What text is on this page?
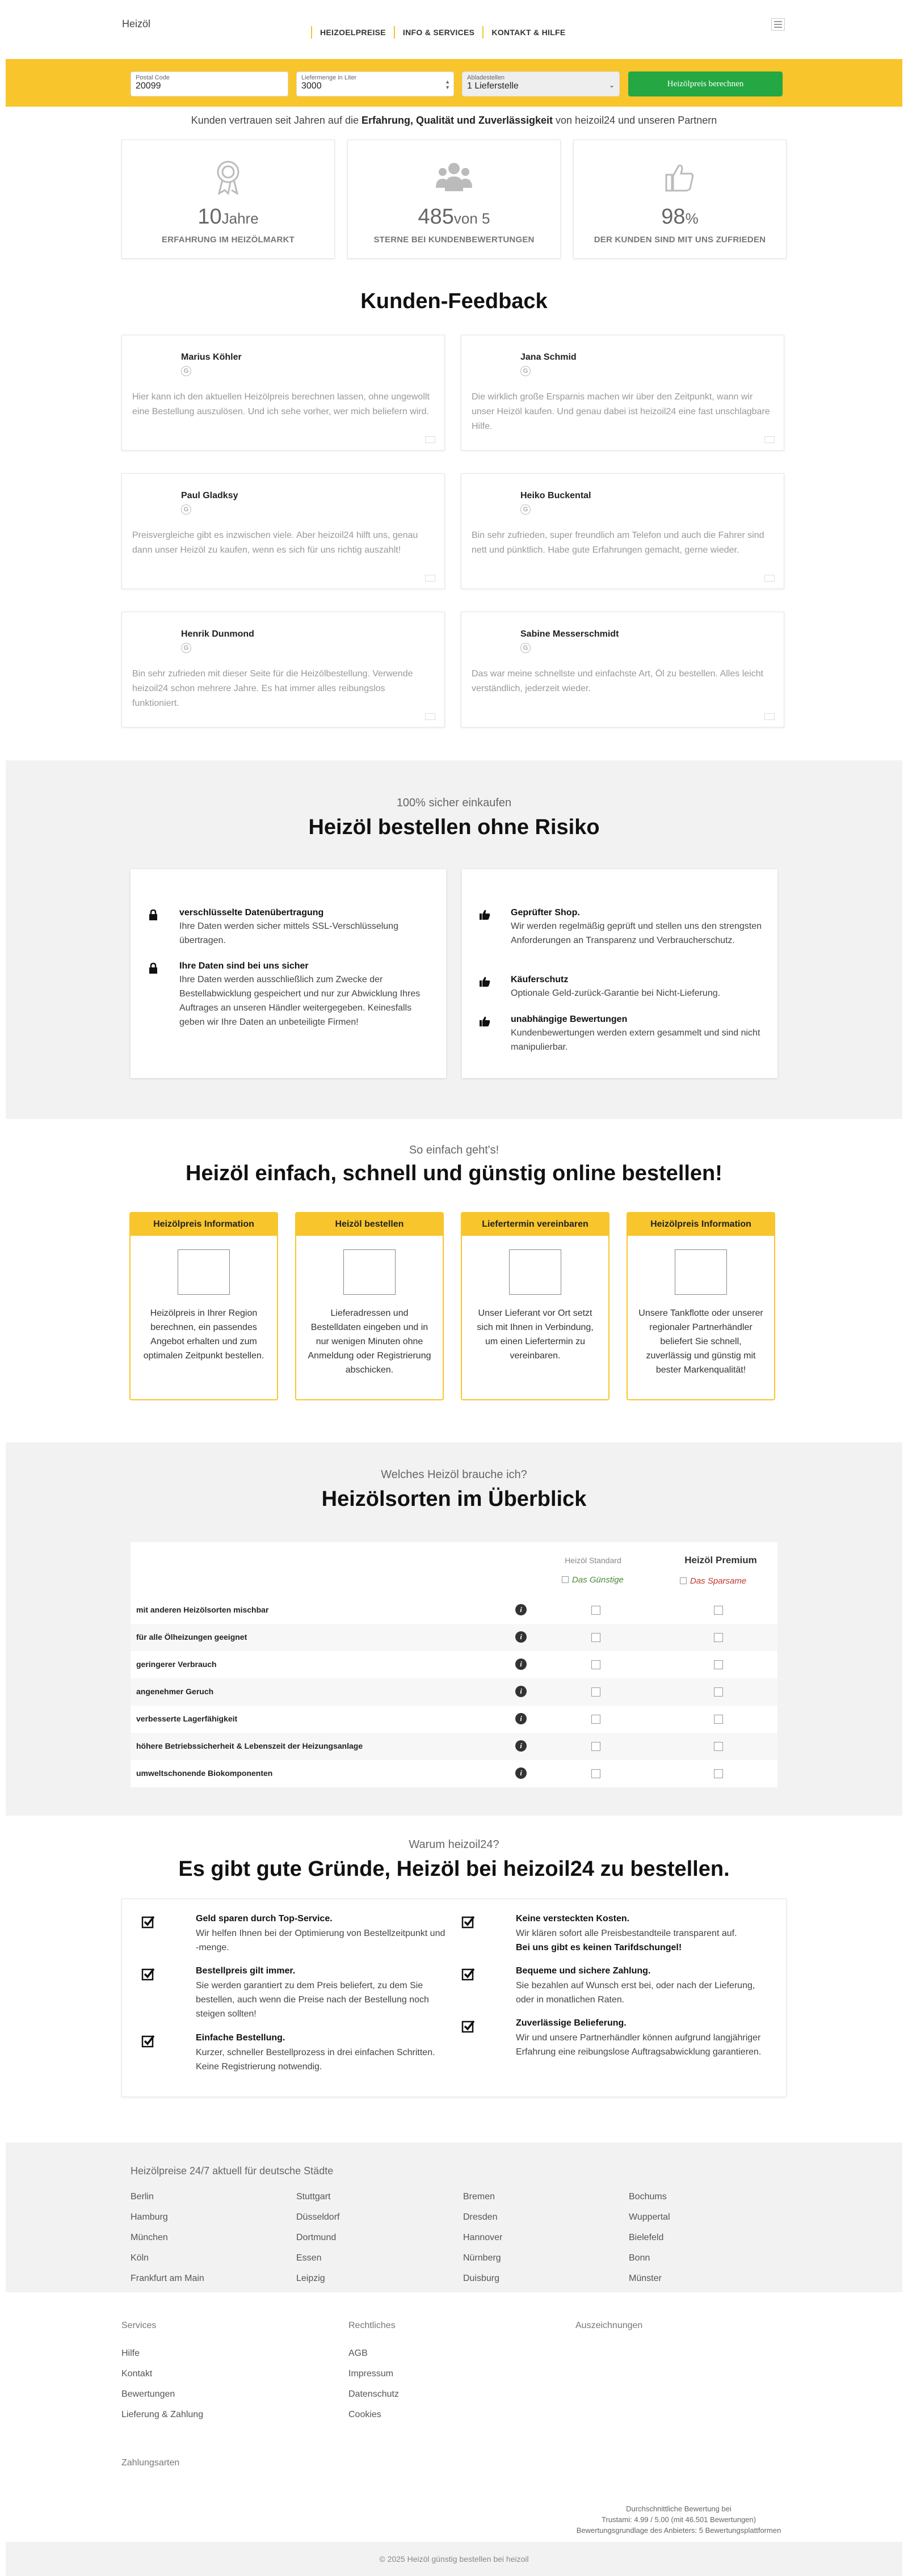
Heizöl
HEIZOELPREISE	INFO & SERVICES	KONTAKT & HILFE
Postal Code
20099
Liefermenge in Liter
3000	▲
▼
Abladestellen
1 Lieferstelle	⌄	Heizölpreis berechnen
Kunden vertrauen seit Jahren auf die Erfahrung, Qualität und Zuverlässigkeit von heizoil24 und unseren Partnern
10Jahre
ERFAHRUNG IM HEIZÖLMARKT
485von 5
STERNE BEI KUNDENBEWERTUNGEN
98%
DER KUNDEN SIND MIT UNS ZUFRIEDEN
Kunden-Feedback
Marius Köhler
G
Hier kann ich den aktuellen Heizölpreis berechnen lassen, ohne ungewollt eine Bestellung auszulösen. Und ich sehe vorher, wer mich beliefern wird.
Jana Schmid
G
Die wirklich große Ersparnis machen wir über den Zeitpunkt, wann wir unser Heizöl kaufen. Und genau dabei ist heizoil24 eine fast unschlagbare Hilfe.
Paul Gladksy
G
Preisvergleiche gibt es inzwischen viele. Aber heizoil24 hilft uns, genau dann unser Heizöl zu kaufen, wenn es sich für uns richtig auszahlt!
Heiko Buckental
G
Bin sehr zufrieden, super freundlich am Telefon und auch die Fahrer sind nett und pünktlich. Habe gute Erfahrungen gemacht, gerne wieder.
Henrik Dunmond
G
Bin sehr zufrieden mit dieser Seite für die Heizölbestellung. Verwende heizoil24 schon mehrere Jahre. Es hat immer alles reibungslos funktioniert.
Sabine Messerschmidt
G
Das war meine schnellste und einfachste Art, Öl zu bestellen. Alles leicht verständlich, jederzeit wieder.
100% sicher einkaufen
Heizöl bestellen ohne Risiko
verschlüsselte Datenübertragung

Ihre Daten werden sicher mittels SSL-Verschlüsselung übertragen.

Ihre Daten sind bei uns sicher

Ihre Daten werden ausschließlich zum Zwecke der Bestellabwicklung gespeichert und nur zur Abwicklung Ihres Auftrages an unseren Händler weitergegeben. Keinesfalls geben wir Ihre Daten an unbeteiligte Firmen!

Geprüfter Shop.

Wir werden regelmäßig geprüft und stellen uns den strengsten Anforderungen an Transparenz und Verbraucherschutz.

Käuferschutz

Optionale Geld-zurück-Garantie bei Nicht-Lieferung.

unabhängige Bewertungen

Kundenbewertungen werden extern gesammelt und sind nicht manipulierbar.

So einfach geht's!
Heizöl einfach, schnell und günstig online bestellen!
Heizölpreis Information

Heizölpreis in Ihrer Region berechnen, ein passendes Angebot erhalten und zum optimalen Zeitpunkt bestellen.

Heizöl bestellen

Lieferadressen und Bestelldaten eingeben und in nur wenigen Minuten ohne Anmeldung oder Registrierung abschicken.

Liefertermin vereinbaren

Unser Lieferant vor Ort setzt sich mit Ihnen in Verbindung, um einen Liefertermin zu vereinbaren.

Heizölpreis Information

Unsere Tankflotte oder unserer regionaler Partnerhändler beliefert Sie schnell, zuverlässig und günstig mit bester Markenqualität!

Welches Heizöl brauche ich?
Heizölsorten im Überblick
Heizöl Standard	Heizöl Premium
Das Günstige	Das Sparsame
mit anderen Heizölsorten mischbar	i
für alle Ölheizungen geeignet	i
geringerer Verbrauch	i
angenehmer Geruch	i
verbesserte Lagerfähigkeit	i
höhere Betriebssicherheit & Lebenszeit der Heizungsanlage	i
umweltschonende Biokomponenten	i
Warum heizoil24?
Es gibt gute Gründe, Heizöl bei heizoil24 zu bestellen.
Geld sparen durch Top-Service.

Wir helfen Ihnen bei der Optimierung von Bestellzeitpunkt und -menge.

Keine versteckten Kosten.

Wir klären sofort alle Preisbestandteile transparent auf.
Bei uns gibt es keinen Tarifdschungel!

Bestellpreis gilt immer.

Sie werden garantiert zu dem Preis beliefert, zu dem Sie bestellen, auch wenn die Preise nach der Bestellung noch steigen sollten!

Bequeme und sichere Zahlung.

Sie bezahlen auf Wunsch erst bei, oder nach der Lieferung, oder in monatlichen Raten.

Einfache Bestellung.

Kurzer, schneller Bestellprozess in drei einfachen Schritten. Keine Registrierung notwendig.

Zuverlässige Belieferung.

Wir und unsere Partnerhändler können aufgrund langjähriger Erfahrung eine reibungslose Auftragsabwicklung garantieren.

Heizölpreise 24/7 aktuell für deutsche Städte
Berlin
Hamburg
München
Köln
Frankfurt am Main
Stuttgart
Düsseldorf
Dortmund
Essen
Leipzig
Bremen
Dresden
Hannover
Nürnberg
Duisburg
Bochums
Wuppertal
Bielefeld
Bonn
Münster
Services
Hilfe
Kontakt
Bewertungen
Lieferung & Zahlung
Rechtliches
AGB
Impressum
Datenschutz
Cookies
Auszeichnungen
Zahlungsarten
Durchschnittliche Bewertung bei
Trustami: 4.99 / 5.00 (mit 46.501 Bewertungen) Bewertungsgrundlage des Anbieters: 5 Bewertungsplattformen
© 2025 Heizöl günstig bestellen bei heizoil
